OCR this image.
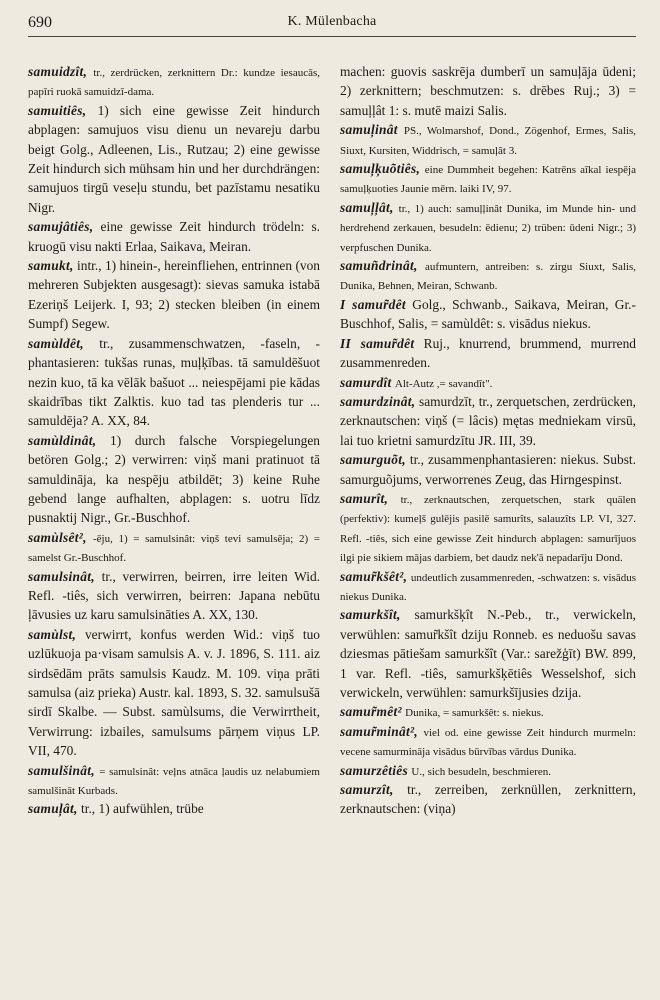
690	K. Mülenbacha

samuidzît, tr., zerdrücken, zerknittern Dr.: kundze iesaucās, papīri ruokā samuidzī-dama.

samuitiês, 1) sich eine gewisse Zeit hindurch abplagen: samujuos visu dienu un nevareju darbu beigt Golg., Adleenen, Lis., Rutzau; 2) eine gewisse Zeit hindurch sich mühsam hin und her durchdrängen: samujuos tirgū veseļu stundu, bet pazīstamu nesatiku Nigr.

samujâtiês, eine gewisse Zeit hindurch trödeln: s. kruogū visu nakti Erlaa, Saikava, Meiran.

samukt, intr., 1) hinein-, hereinfliehen, entrinnen (von mehreren Subjekten ausgesagt): sievas samuka istabā Ezeriņš Leijerk. I, 93; 2) stecken bleiben (in einem Sumpf) Segew.

samùldêt, tr., zusammenschwatzen, -faseln, -phantasieren: tukšas runas, muļķības. tā samuldēšuot nezin kuo, tā ka vēlāk bašuot ... neiespējami pie kādas skaidrības tikt Zalktis. kuo tad tas plenderis tur ... samuldēja? A. XX, 84.

samùldinât, 1) durch falsche Vorspiegelungen betören Golg.; 2) verwirren: viņš mani pratinuot tā samuldināja, ka nespēju atbildēt; 3) keine Ruhe gebend lange aufhalten, abplagen: s. uotru līdz pusnaktij Nigr., Gr.-Buschhof.

samùlsêt², -ēju, 1) = samulsinât: viņš tevi samulsēja; 2) = samelst Gr.-Buschhof.

samulsinât, tr., verwirren, beirren, irre leiten Wid. Refl. -tiês, sich verwirren, beirren: Japana nebūtu ļāvusies uz karu samulsināties A. XX, 130.

samùlst, verwirrt, konfus werden Wid.: viņš tuo uzlūkuoja pa·visam samulsis A. v. J. 1896, S. 111. aiz sirdsēdām prāts samulsis Kaudz. M. 109. viņa prāti samulsa (aiz prieka) Austr. kal. 1893, S. 32. samulsušā sirdī Skalbe. — Subst. samùlsums, die Verwirrtheit, Verwirrung: izbailes, samulsums pārņem viņus LP. VII, 470.

samulšinât, = samulsinât: veļns atnāca ļaudis uz nelabumiem samulšināt Kurbads.

samuļât, tr., 1) aufwühlen, trübe

machen: guovis saskrēja dumberī un samuļāja ūdeni; 2) zerknittern; beschmutzen: s. drēbes Ruj.; 3) = samuļļât 1: s. mutē maizi Salis.

samuļinât PS., Wolmarshof, Dond., Zögenhof, Ermes, Salis, Siuxt, Kursiten, Widdrisch, = samuļât 3.

samuļķuõtiês, eine Dummheit begehen: Katrēns aīkal iespēja samuļķuoties Jaunie mērn. laiki IV, 97.

samuļļât, tr., 1) auch: samuļļinât Dunika, im Munde hin- und herdrehend zerkauen, besudeln: ēdienu; 2) trüben: ūdeni Nigr.; 3) verpfuschen Dunika.

samuñdrinât, aufmuntern, antreiben: s. zirgu Siuxt, Salis, Dunika, Behnen, Meiran, Schwanb.

I samur̃dêt Golg., Schwanb., Saikava, Meiran, Gr.-Buschhof, Salis, = samùldêt: s. visādus niekus.

II samur̃dêt Ruj., knurrend, brummend, murrend zusammenreden.

samurdît Alt-Autz ,= savandît".

samurdzinât, samurdzīt, tr., zerquetschen, zerdrücken, zerknautschen: viņš (= lâcis) mętas medniekam virsū, lai tuo krietni samurdzītu JR. III, 39.

samurguõt, tr., zusammenphantasieren: niekus. Subst. samurguõjums, verworrenes Zeug, das Hirngespinst.

samurît, tr., zerknautschen, zerquetschen, stark quälen (perfektiv): kumeļš gulējis pasilē samurîts, salauzîts LP. VI, 327. Refl. -tiês, sich eine gewisse Zeit hindurch abplagen: samurījuos ilgi pie sikiem mājas darbiem, bet daudz nek'ā nepadarīju Dond.

samur̃kšêt², undeutlich zusammenreden, -schwatzen: s. visādus niekus Dunika.

samurkšît, samurkšķît N.-Peb., tr., verwickeln, verwühlen: samur̃kšît dziju Ronneb. es neduošu savas dziesmas pātiešam samurkšît (Var.: sarežģīt) BW. 899, 1 var. Refl. -tiês, samurkšķētiês Wesselshof, sich verwickeln, verwühlen: samurkšījusies dzija.

samur̃mêt² Dunika, = samurkšêt: s. niekus.

samur̃minât², viel od. eine gewisse Zeit hindurch murmeln: vecene samurmināja visādus būrvības vārdus Dunika.

samurzêtiês U., sich besudeln, beschmieren.

samurzît, tr., zerreiben, zerknüllen, zerknittern, zerknautschen: (viņa)
